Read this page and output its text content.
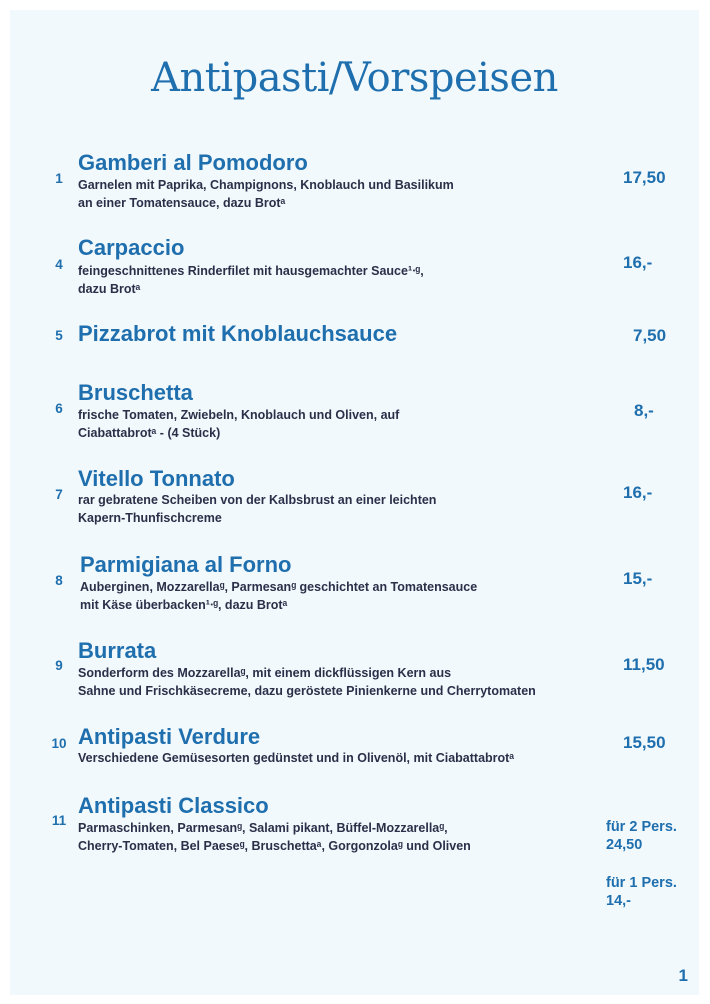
Antipasti/Vorspeisen
1
Gamberi al Pomodoro
Garnelen mit Paprika, Champignons, Knoblauch und Basilikum
an einer Tomatensauce, dazu Brotᵃ
17,50
4
Carpaccio
feingeschnittenes Rinderfilet mit hausgemachter Sauce¹ᐧᵍ,
dazu Brotᵃ
16,-
5 Pizzabrot mit Knoblauchsauce	7,50
6
Bruschetta
frische Tomaten, Zwiebeln, Knoblauch und Oliven, auf
Ciabattabrotᵃ - (4 Stück)
8,-
7
Vitello Tonnato
rar gebratene Scheiben von der Kalbsbrust an einer leichten
Kapern-Thunfischcreme
16,-
8
Parmigiana al Forno
Auberginen, Mozzarellaᵍ, Parmesanᵍ geschichtet an Tomatensauce
mit Käse überbacken¹ᐧᵍ, dazu Brotᵃ
15,-
9
Burrata
Sonderform des Mozzarellaᵍ, mit einem dickflüssigen Kern aus
Sahne und Frischkäsecreme, dazu geröstete Pinienkerne und Cherrytomaten
11,50
10 Antipasti Verdure
Verschiedene Gemüsesorten gedünstet und in Olivenöl, mit Ciabattabrotᵃ
15,50
11
Antipasti Classico
Parmaschinken, Parmesanᵍ, Salami pikant, Büffel-Mozzarellaᵍ,
Cherry-Tomaten, Bel Paeseᵍ, Bruschettaᵃ, Gorgonzolaᵍ und Oliven
für 2 Pers.
24,50
für 1 Pers.
14,-
1
